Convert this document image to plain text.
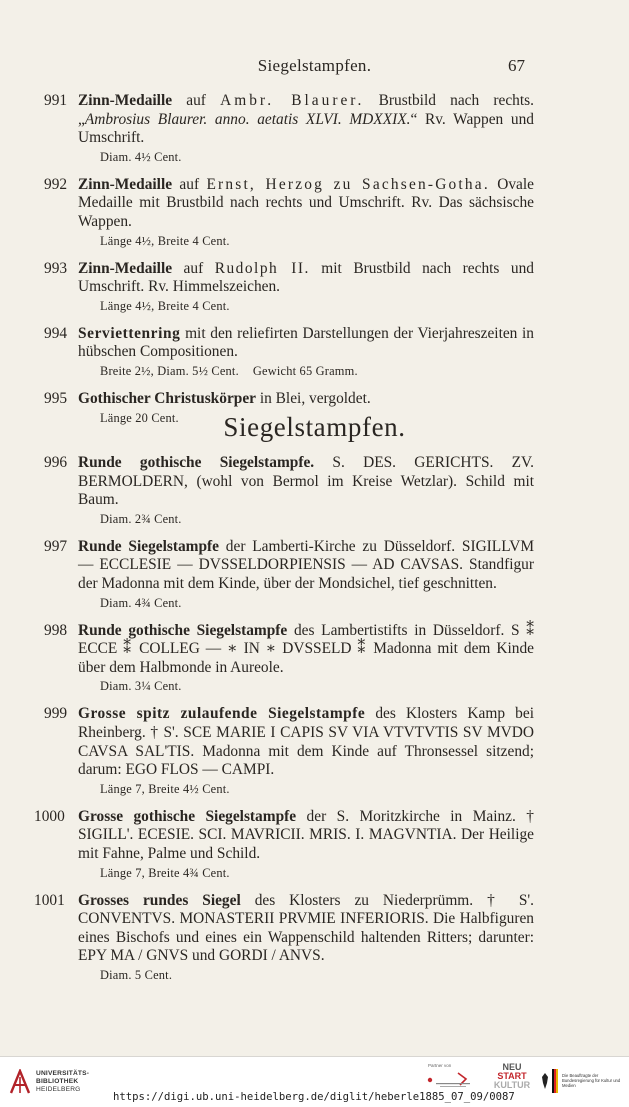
Siegelstampfen.	67
991 Zinn-Medaille auf Ambr. Blaurer. Brustbild nach rechts. „Ambrosius Blaurer. anno. aetatis XLVI. MDXXIX.“ Rv. Wappen und Umschrift.
Diam. 4½ Cent.
992 Zinn-Medaille auf Ernst, Herzog zu Sachsen-Gotha. Ovale Medaille mit Brustbild nach rechts und Umschrift. Rv. Das sächsische Wappen.
Länge 4½, Breite 4 Cent.
993 Zinn-Medaille auf Rudolph II. mit Brustbild nach rechts und Umschrift. Rv. Himmelszeichen.
Länge 4½, Breite 4 Cent.
994 Serviettenring mit den reliefirten Darstellungen der Vierjahreszeiten in hübschen Compositionen.
Breite 2½, Diam. 5½ Cent. Gewicht 65 Gramm.
995 Gothischer Christuskörper in Blei, vergoldet.
Länge 20 Cent.	Siegelstampfen.
996 Runde gothische Siegelstampfe. S. DES. GERICHTS. ZV. BERMOLDERN, (wohl von Bermol im Kreise Wetzlar). Schild mit Baum.
Diam. 2¾ Cent.
997 Runde Siegelstampfe der Lamberti-Kirche zu Düsseldorf. SIGILLVM — ECCLESIE — DVSSELDORPIENSIS — AD CAVSAS. Standfigur der Madonna mit dem Kinde, über der Mondsichel, tief geschnitten.
Diam. 4¾ Cent.
998 Runde gothische Siegelstampfe des Lambertistifts in Düsseldorf. S ⁑ ECCE ⁑ COLLEG — ∗ IN ∗ DVSSELD ⁑ Madonna mit dem Kinde über dem Halbmonde in Aureole.
Diam. 3¼ Cent.
999 Grosse spitz zulaufende Siegelstampfe des Klosters Kamp bei Rheinberg. † S'. SCE MARIE I CAPIS SV VIA VTVTVTIS SV MVDO CAVSA SAL'TIS. Madonna mit dem Kinde auf Thronsessel sitzend; darum: EGO FLOS — CAMPI.
Länge 7, Breite 4½ Cent.
1000 Grosse gothische Siegelstampfe der S. Moritzkirche in Mainz. † SIGILL'. ECESIE. SCI. MAVRICII. MRIS. I. MAGVNTIA. Der Heilige mit Fahne, Palme und Schild.
Länge 7, Breite 4¾ Cent.
1001 Grosses rundes Siegel des Klosters zu Niederprümm. † S'. CONVENTVS. MONASTERII PRVMIE INFERIORIS. Die Halbfiguren eines Bischofs und eines ein Wappenschild haltenden Ritters; darunter: EPY MA / GNVS und GORDI / ANVS.
Diam. 5 Cent.
UNIVERSITÄTS-
BIBLIOTHEK
HEIDELBERG
Partner von
https://digi.ub.uni-heidelberg.de/diglit/heberle1885_07_09/0087
NEU
START
KULTUR
Die Beauftragte der Bundesregierung für Kultur und Medien
